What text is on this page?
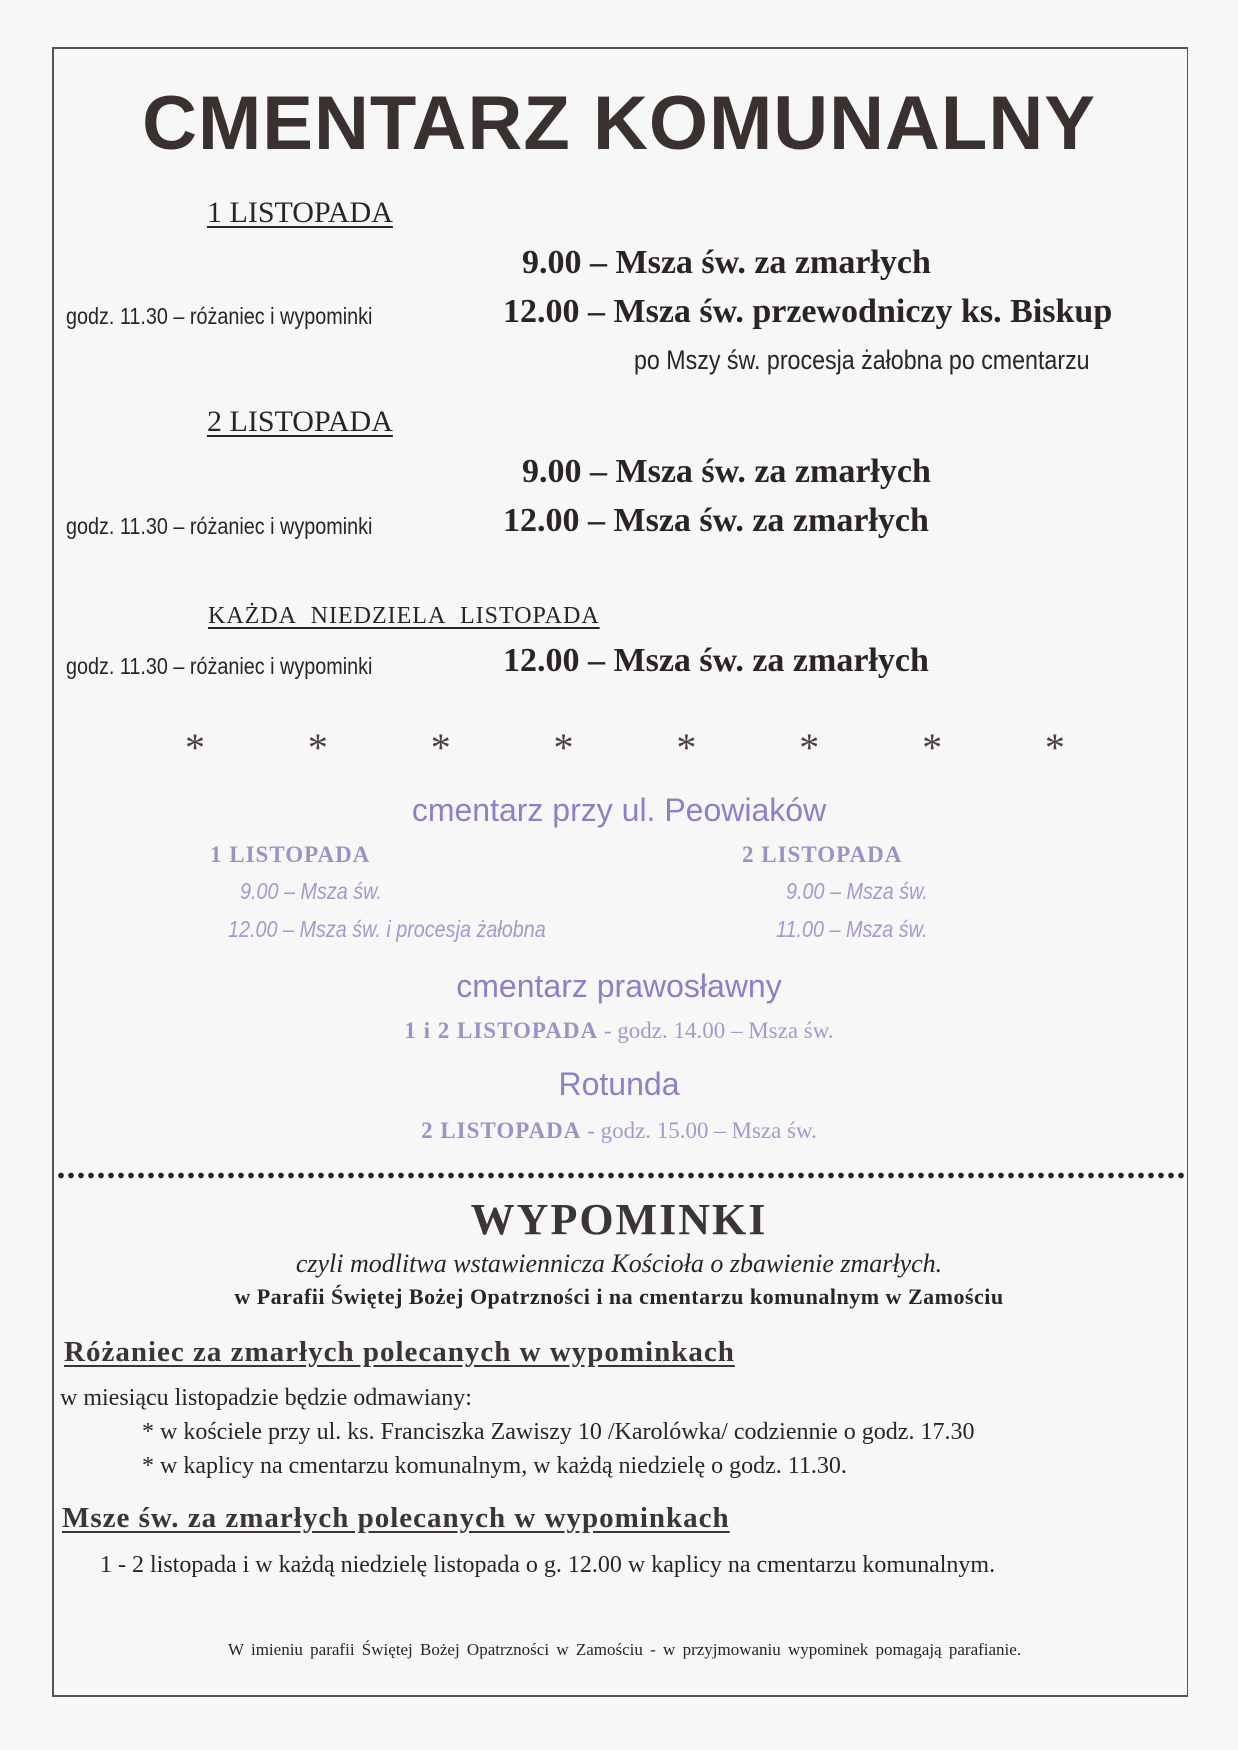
CMENTARZ KOMUNALNY
1 LISTOPADA
9.00 – Msza św. za zmarłych
godz. 11.30 – różaniec i wypominki	12.00 – Msza św. przewodniczy ks. Biskup
po Mszy św. procesja żałobna po cmentarzu
2 LISTOPADA
9.00 – Msza św. za zmarłych
godz. 11.30 – różaniec i wypominki	12.00 – Msza św. za zmarłych
KAŻDA NIEDZIELA LISTOPADA
godz. 11.30 – różaniec i wypominki	12.00 – Msza św. za zmarłych
*	*	*	*	*	*	*	*
cmentarz przy ul. Peowiaków
1 LISTOPADA
9.00 – Msza św.
12.00 – Msza św. i procesja żałobna
2 LISTOPADA
9.00 – Msza św.
11.00 – Msza św.
cmentarz prawosławny
1 i 2 LISTOPADA - godz. 14.00 – Msza św.
Rotunda
2 LISTOPADA - godz. 15.00 – Msza św.
WYPOMINKI
czyli modlitwa wstawiennicza Kościoła o zbawienie zmarłych.
w Parafii Świętej Bożej Opatrzności i na cmentarzu komunalnym w Zamościu
Różaniec za zmarłych polecanych w wypominkach
w miesiącu listopadzie będzie odmawiany:
* w kościele przy ul. ks. Franciszka Zawiszy 10 /Karolówka/ codziennie o godz. 17.30
* w kaplicy na cmentarzu komunalnym, w każdą niedzielę o godz. 11.30.
Msze św. za zmarłych polecanych w wypominkach
1 - 2 listopada i w każdą niedzielę listopada o g. 12.00 w kaplicy na cmentarzu komunalnym.
W imieniu parafii Świętej Bożej Opatrzności w Zamościu - w przyjmowaniu wypominek pomagają parafianie.
